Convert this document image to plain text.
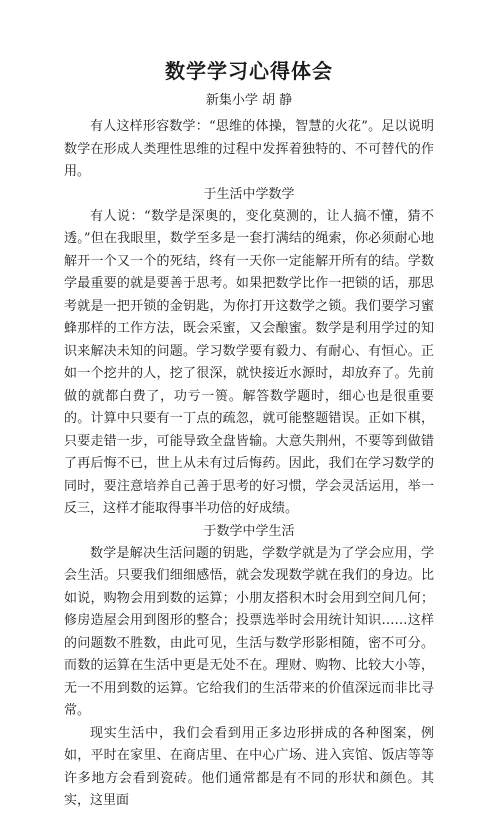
数学学习心得体会

新集小学 胡 静

有人这样形容数学：“思维的体操，智慧的火花”。足以说明数学在形成人类理性思维的过程中发挥着独特的、不可替代的作用。

于生活中学数学

有人说：“数学是深奥的，变化莫测的，让人搞不懂，猜不透。”但在我眼里，数学至多是一套打满结的绳索，你必须耐心地解开一个又一个的死结，终有一天你一定能解开所有的结。学数学最重要的就是要善于思考。如果把数学比作一把锁的话，那思考就是一把开锁的金钥匙，为你打开这数学之锁。我们要学习蜜蜂那样的工作方法，既会采蜜，又会酿蜜。数学是利用学过的知识来解决未知的问题。学习数学要有毅力、有耐心、有恒心。正如一个挖井的人，挖了很深，就快接近水源时，却放弃了。先前做的就都白费了，功亏一篑。解答数学题时，细心也是很重要的。计算中只要有一丁点的疏忽，就可能整题错误。正如下棋，只要走错一步，可能导致全盘皆输。大意失荆州，不要等到做错了再后悔不已，世上从未有过后悔药。因此，我们在学习数学的同时，要注意培养自己善于思考的好习惯，学会灵活运用，举一反三，这样才能取得事半功倍的好成绩。

于数学中学生活

数学是解决生活问题的钥匙，学数学就是为了学会应用，学会生活。只要我们细细感悟，就会发现数学就在我们的身边。比如说，购物会用到数的运算；小朋友搭积木时会用到空间几何；修房造屋会用到图形的整合；投票选举时会用统计知识……这样的问题数不胜数，由此可见，生活与数学形影相随，密不可分。而数的运算在生活中更是无处不在。理财、购物、比较大小等，无一不用到数的运算。它给我们的生活带来的价值深远而非比寻常。

现实生活中，我们会看到用正多边形拼成的各种图案，例如，平时在家里、在商店里、在中心广场、进入宾馆、饭店等等许多地方会看到瓷砖。他们通常都是有不同的形状和颜色。其实，这里面
